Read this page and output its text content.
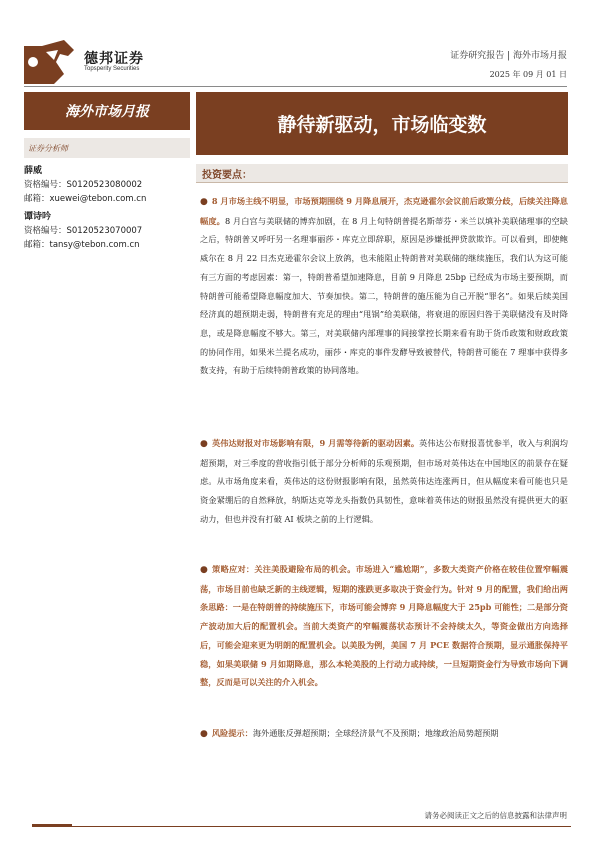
德邦证券
Topsperity Securities
证券研究报告 | 海外市场月报
2025 年 09 月 01 日
海外市场月报
证券分析师
薛威
资格编号：S0120523080002
邮箱：xuewei@tebon.com.cn
谭诗吟
资格编号：S0120523070007
邮箱：tansy@tebon.com.cn
静待新驱动，市场临变数
投资要点：
● 8 月市场主线不明显，市场预期围绕 9 月降息展开，杰克逊霍尔会议前后政策分歧，后续关注降息幅度。8 月白宫与美联储的博弈加剧，在 8 月上旬特朗普提名斯蒂芬・米兰以填补美联储理事的空缺之后，特朗普又呼吁另一名理事丽莎・库克立即辞职，原因是涉嫌抵押贷款欺诈。可以看到，即使鲍威尔在 8 月 22 日杰克逊霍尔会议上放鸽，也未能阻止特朗普对美联储的继续施压，我们认为这可能有三方面的考虑因素：第一，特朗普希望加速降息，目前 9 月降息 25bp 已经成为市场主要预期，而特朗普可能希望降息幅度加大、节奏加快。第二，特朗普的施压能为自己开脱“罪名”。如果后续美国经济真的超预期走弱，特朗普有充足的理由“甩锅”给美联储，将衰退的原因归咎于美联储没有及时降息，或是降息幅度不够大。第三，对美联储内部理事的间接掌控长期来看有助于货币政策和财政政策的协同作用，如果米兰提名成功，丽莎・库克的事件发酵导致被替代，特朗普可能在 7 理事中获得多数支持，有助于后续特朗普政策的协同落地。
● 英伟达财报对市场影响有限，9 月需等待新的驱动因素。英伟达公布财报喜忧参半，收入与利润均超预期，对三季度的营收指引低于部分分析师的乐观预期，但市场对英伟达在中国地区的前景存在疑虑。从市场角度来看，英伟达的这份财报影响有限，虽然英伟达连涨两日，但从幅度来看可能也只是资金紧绷后的自然释放，纳斯达克等龙头指数仍具韧性，意味着英伟达的财报虽然没有提供更大的驱动力，但也并没有打破 AI 板块之前的上行逻辑。
● 策略应对：关注美股避险布局的机会。市场进入“尴尬期”，多数大类资产价格在较佳位置窄幅震荡，市场目前也缺乏新的主线逻辑，短期的涨跌更多取决于资金行为。针对 9 月的配置，我们给出两条思路：一是在特朗普的持续施压下，市场可能会博弈 9 月降息幅度大于 25pb 可能性；二是部分资产波动加大后的配置机会。当前大类资产的窄幅震荡状态预计不会持续太久，等资金做出方向选择后，可能会迎来更为明朗的配置机会。以美股为例，美国 7 月 PCE 数据符合预期，显示通胀保持平稳，如果美联储 9 月如期降息，那么本轮美股的上行动力或持续，一旦短期资金行为导致市场向下调整，反而是可以关注的介入机会。
● 风险提示：海外通胀反弹超预期；全球经济景气不及预期；地缘政治局势超预期
请务必阅读正文之后的信息披露和法律声明
